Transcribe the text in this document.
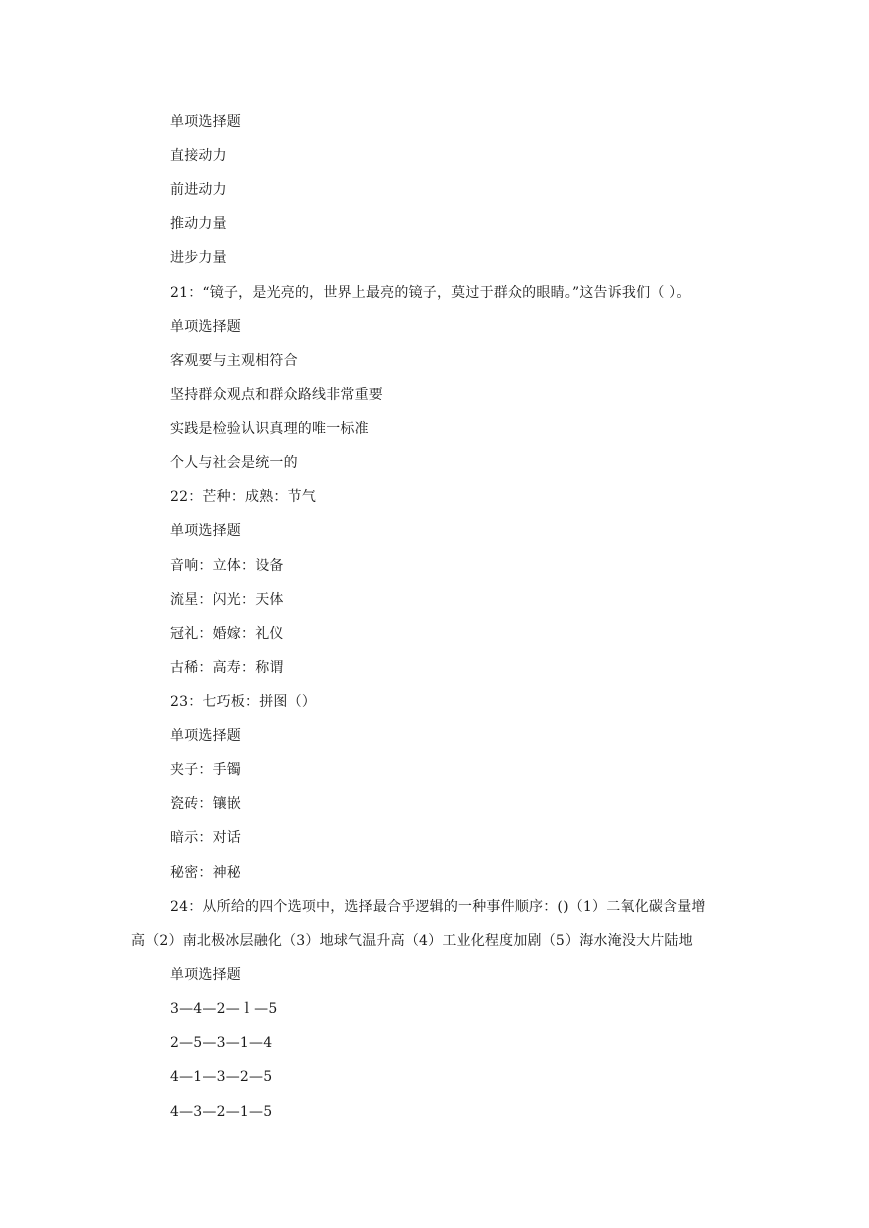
单项选择题
直接动力
前进动力
推动力量
进步力量
21：“镜子，是光亮的，世界上最亮的镜子，莫过于群众的眼睛。”这告诉我们（ ）。
单项选择题
客观要与主观相符合
坚持群众观点和群众路线非常重要
实践是检验认识真理的唯一标准
个人与社会是统一的
22：芒种：成熟：节气
单项选择题
音响：立体：设备
流星：闪光：天体
冠礼：婚嫁：礼仪
古稀：高寿：称谓
23：七巧板：拼图（）
单项选择题
夹子：手镯
瓷砖：镶嵌
暗示：对话
秘密：神秘
24：从所给的四个选项中，选择最合乎逻辑的一种事件顺序：()（1）二氧化碳含量增
高（2）南北极冰层融化（3）地球气温升高（4）工业化程度加剧（5）海水淹没大片陆地
单项选择题
3—4—2—ｌ—5
2—5—3—1—4
4—1—3—2—5
4—3—2—1—5
